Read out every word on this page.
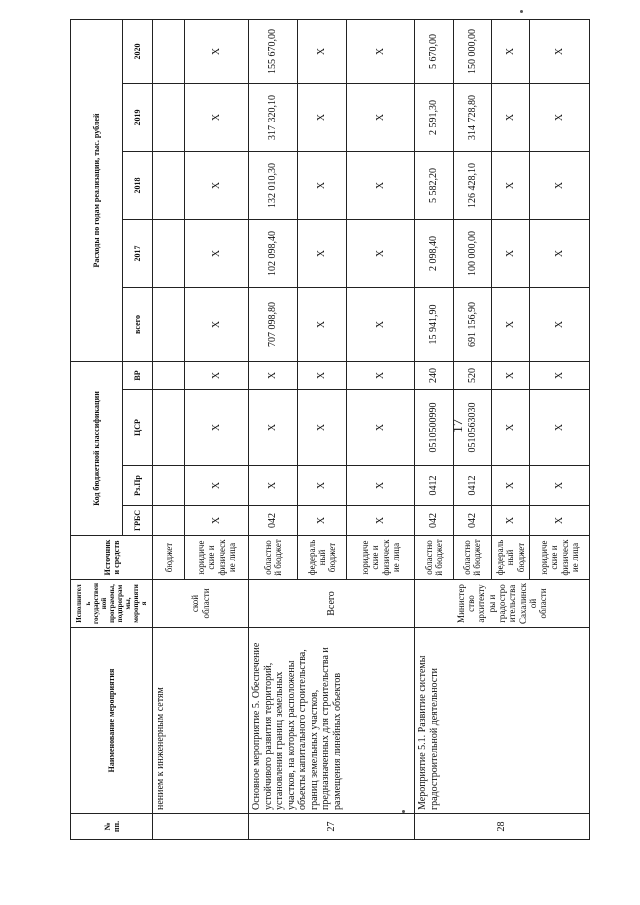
17
№ пп.	Наименование мероприятия	Исполнитель государственной программы, подпрограммы, мероприятия	Источники средств	Код бюджетной классификации				Расходы по годам реализации, тыс. рублей				
				ГРБС	Рз.Пр	ЦСР	ВР	всего	2017	2018	2019	2020
	нением к инженерным сетям	ской области	бюджет									
			юридические и физические лица	Х	Х	Х	Х	Х	Х	Х	Х	Х
27	Основное мероприятие 5. Обеспечение устойчивого развития территорий, установления границ земельных участков, на которых расположены объекты капитального строительства, границ земельных участков, предназначенных для строительства и размещения линейных объектов	Всего	областной бюджет	042	Х	Х	Х	707 098,80	102 098,40	132 010,30	317 320,10	155 670,00
			федеральный бюджет	Х	Х	Х	Х	Х	Х	Х	Х	Х
			юридические и физические лица	Х	Х	Х	Х	Х	Х	Х	Х	Х
28	Мероприятие 5.1. Развитие системы градостроительной деятельности	Министерство архитектуры и градостроительства Сахалинской области	областной бюджет	042	0412	0510500990	240	15 941,90	2 098,40	5 582,20	2 591,30	5 670,00
			областной бюджет	042	0412	0510563030	520	691 156,90	100 000,00	126 428,10	314 728,80	150 000,00
			федеральный бюджет	Х	Х	Х	Х	Х	Х	Х	Х	Х
			юридические и физические лица	Х	Х	Х	Х	Х	Х	Х	Х	Х
